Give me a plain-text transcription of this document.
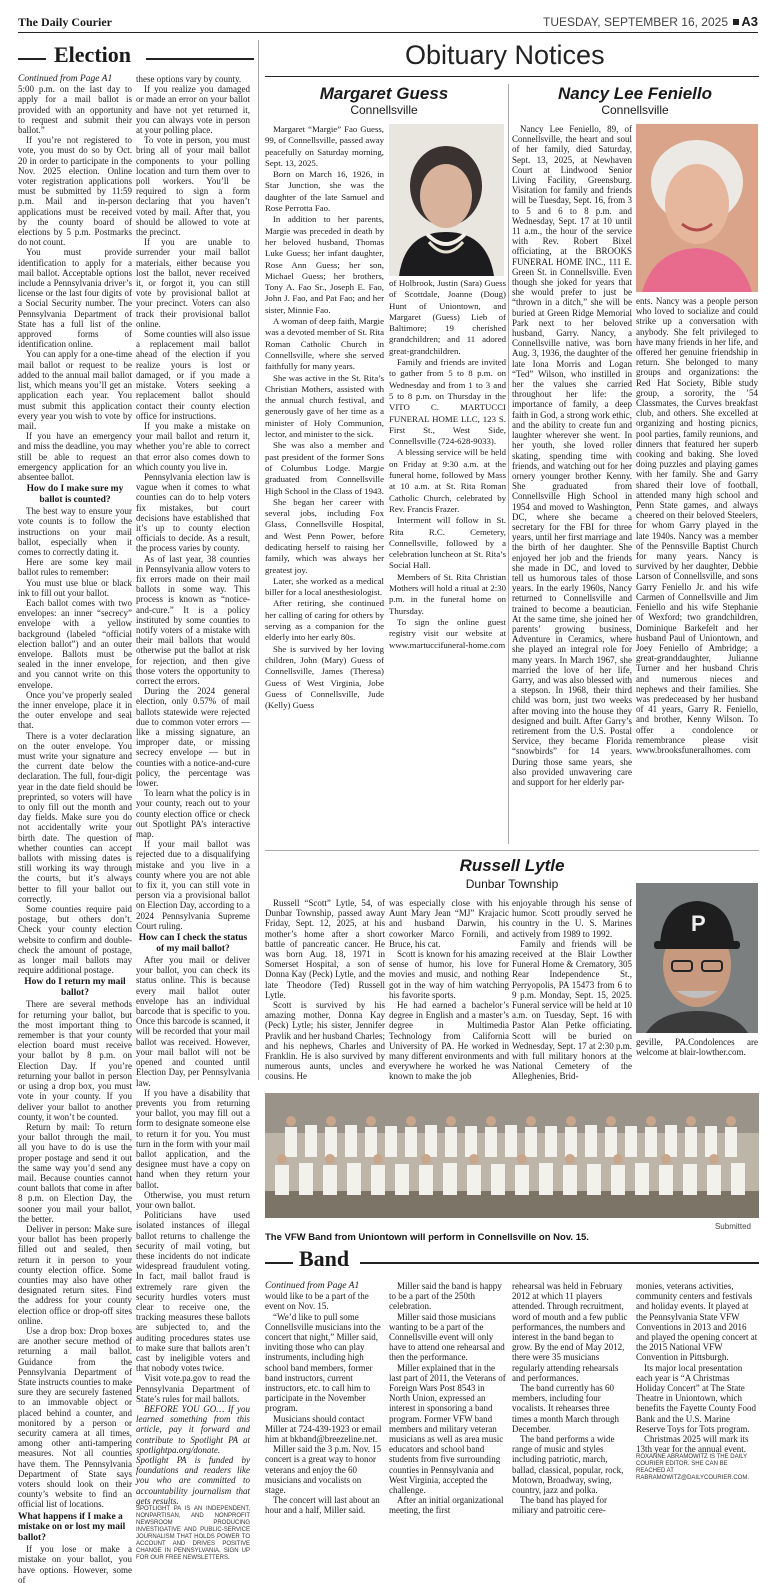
The Daily Courier	TUESDAY, SEPTEMBER 16, 2025 A3
Election

Continued from Page A1

5:00 p.m. on the last day to apply for a mail ballot is provided with an opportunity to request and submit their ballot.”

If you’re not registered to vote, you must do so by Oct. 20 in order to participate in the Nov. 2025 election. Online voter registration applications must be submitted by 11:59 p.m. Mail and in-person applications must be received by the county board of elections by 5 p.m. Postmarks do not count.

You must provide identification to apply for a mail ballot. Acceptable options include a Pennsylvania driver’s license or the last four digits of a Social Security number. The Pennsylvania Department of State has a full list of the approved forms of identification online.

You can apply for a one-time mail ballot or request to be added to the annual mail ballot list, which means you’ll get an application each year. You must submit this application every year you wish to vote by mail.

If you have an emergency and miss the deadline, you may still be able to request an emergency application for an absentee ballot.

How do I make sure my ballot is counted?

The best way to ensure your vote counts is to follow the instructions on your mail ballot, especially when it comes to correctly dating it.

Here are some key mail ballot rules to remember:

You must use blue or black ink to fill out your ballot.

Each ballot comes with two envelopes: an inner “secrecy” envelope with a yellow background (labeled “official election ballot”) and an outer envelope. Ballots must be sealed in the inner envelope, and you cannot write on this envelope.

Once you’ve properly sealed the inner envelope, place it in the outer envelope and seal that.

There is a voter declaration on the outer envelope. You must write your signature and the current date below the declaration. The full, four-digit year in the date field should be preprinted, so voters will have to only fill out the month and day fields. Make sure you do not accidentally write your birth date. The question of whether counties can accept ballots with missing dates is still working its way through the courts, but it’s always better to fill your ballot out correctly.

Some counties require paid postage, but others don’t. Check your county election website to confirm and double-check the amount of postage, as longer mail ballots may require additional postage.

How do I return my mail ballot?

There are several methods for returning your ballot, but the most important thing to remember is that your county election board must receive your ballot by 8 p.m. on Election Day. If you’re returning your ballot in person or using a drop box, you must vote in your county. If you deliver your ballot to another county, it won’t be counted.

Return by mail: To return your ballot through the mail, all you have to do is use the proper postage and send it out the same way you’d send any mail. Because counties cannot count ballots that come in after 8 p.m. on Election Day, the sooner you mail your ballot, the better.

Deliver in person: Make sure your ballot has been properly filled out and sealed, then return it in person to your county election office. Some counties may also have other designated return sites. Find the address for your county election office or drop-off sites online.

Use a drop box: Drop boxes are another secure method of returning a mail ballot. Guidance from the Pennsylvania Department of State instructs counties to make sure they are securely fastened to an immovable object or placed behind a counter, and monitored by a person or security camera at all times, among other anti-tampering measures. Not all counties have them. The Pennsylvania Department of State says voters should look on their county’s website to find an official list of locations.

What happens if I make a mistake on or lost my mail ballot?

If you lose or make a mistake on your ballot, you have options. However, some of

these options vary by county.

If you realize you damaged or made an error on your ballot and have not yet returned it, you can always vote in person at your polling place.

To vote in person, you must bring all of your mail ballot components to your polling location and turn them over to poll workers. You’ll be required to sign a form declaring that you haven’t voted by mail. After that, you should be allowed to vote at the precinct.

If you are unable to surrender your mail ballot materials, either because you lost the ballot, never received it, or forgot it, you can still vote by provisional ballot at your precinct. Voters can also track their provisional ballot online.

Some counties will also issue a replacement mail ballot ahead of the election if you realize yours is lost or damaged, or if you made a mistake. Voters seeking a replacement ballot should contact their county election office for instructions.

If you make a mistake on your mail ballot and return it, whether you’re able to correct that error also comes down to which county you live in.

Pennsylvania election law is vague when it comes to what counties can do to help voters fix mistakes, but court decisions have established that it’s up to county election officials to decide. As a result, the process varies by county.

As of last year, 38 counties in Pennsylvania allow voters to fix errors made on their mail ballots in some way. This process is known as “notice-and-cure.” It is a policy instituted by some counties to notify voters of a mistake with their mail ballots that would otherwise put the ballot at risk for rejection, and then give those voters the opportunity to correct the errors.

During the 2024 general election, only 0.57% of mail ballots statewide were rejected due to common voter errors — like a missing signature, an improper date, or missing secrecy envelope — but in counties with a notice-and-cure policy, the percentage was lower.

To learn what the policy is in your county, reach out to your county election office or check out Spotlight PA’s interactive map.

If your mail ballot was rejected due to a disqualifying mistake and you live in a county where you are not able to fix it, you can still vote in person via a provisional ballot on Election Day, according to a 2024 Pennsylvania Supreme Court ruling.

How can I check the status of my mail ballot?

After you mail or deliver your ballot, you can check its status online. This is because every mail ballot outer envelope has an individual barcode that is specific to you. Once this barcode is scanned, it will be recorded that your mail ballot was received. However, your mail ballot will not be opened and counted until Election Day, per Pennsylvania law.

If you have a disability that prevents you from returning your ballot, you may fill out a form to designate someone else to return it for you. You must turn in the form with your mail ballot application, and the designee must have a copy on hand when they return your ballot.

Otherwise, you must return your own ballot.

Politicians have used isolated instances of illegal ballot returns to challenge the security of mail voting, but these incidents do not indicate widespread fraudulent voting. In fact, mail ballot fraud is extremely rare given the security hurdles voters must clear to receive one, the tracking measures these ballots are subjected to, and the auditing procedures states use to make sure that ballots aren’t cast by ineligible voters and that nobody votes twice.

Visit vote.pa.gov to read the Pennsylvania Department of State’s rules for mail ballots.

BEFORE YOU GO… If you learned something from this article, pay it forward and contribute to Spotlight PA at spotlightpa.org/donate. Spotlight PA is funded by foundations and readers like you who are committed to accountability journalism that gets results.

SPOTLIGHT PA IS AN INDEPENDENT, NONPARTISAN, AND NONPROFIT NEWSROOM PRODUCING INVESTIGATIVE AND PUBLIC-SERVICE JOURNALISM THAT HOLDS POWER TO ACCOUNT AND DRIVES POSITIVE CHANGE IN PENNSYLVANIA. SIGN UP FOR OUR FREE NEWSLETTERS.

Obituary Notices
Margaret Guess
Connellsville

Margaret “Margie” Fao Guess, 99, of Connellsville, passed away peacefully on Saturday morning, Sept. 13, 2025.

Born on March 16, 1926, in Star Junction, she was the daughter of the late Samuel and Rose Perrotta Fao.

In addition to her parents, Margie was preceded in death by her beloved husband, Thomas Luke Guess; her infant daughter, Rose Ann Guess; her son, Michael Guess; her brothers, Tony A. Fao Sr., Joseph E. Fao, John J. Fao, and Pat Fao; and her sister, Minnie Fao.

A woman of deep faith, Margie was a devoted member of St. Rita Roman Catholic Church in Connellsville, where she served faithfully for many years.

She was active in the St. Rita’s Christian Mothers, assisted with the annual church festival, and generously gave of her time as a minister of Holy Communion, lector, and minister to the sick.

She was also a member and past president of the former Sons of Columbus Lodge. Margie graduated from Connellsville High School in the Class of 1943.

She began her career with several jobs, including Fox Glass, Connellsville Hospital, and West Penn Power, before dedicating herself to raising her family, which was always her greatest joy.

Later, she worked as a medical biller for a local anesthesiologist.

After retiring, she continued her calling of caring for others by serving as a companion for the elderly into her early 80s.

She is survived by her loving children, John (Mary) Guess of Connellsville, James (Theresa) Guess of West Virginia, Jobe Guess of Connellsville, Jude (Kelly) Guess

of Holbrook, Justin (Sara) Guess of Scottdale, Joanne (Doug) Hunt of Uniontown, and Margaret (Guess) Lieb of Baltimore; 19 cherished grandchildren; and 11 adored great-grandchildren.

Family and friends are invited to gather from 5 to 8 p.m. on Wednesday and from 1 to 3 and 5 to 8 p.m. on Thursday in the VITO C. MARTUCCI FUNERAL HOME LLC, 123 S. First St., West Side, Connellsville (724-628-9033).

A blessing service will be held on Friday at 9:30 a.m. at the funeral home, followed by Mass at 10 a.m. at St. Rita Roman Catholic Church, celebrated by Rev. Francis Frazer.

Interment will follow in St. Rita R.C. Cemetery, Connellsville, followed by a celebration luncheon at St. Rita’s Social Hall.

Members of St. Rita Christian Mothers will hold a ritual at 2:30 p.m. in the funeral home on Thursday.

To sign the online guest registry visit our website at www.martuccifuneral-home.com

Nancy Lee Feniello
Connellsville

Nancy Lee Feniello, 89, of Connellsville, the heart and soul of her family, died Saturday, Sept. 13, 2025, at Newhaven Court at Lindwood Senior Living Facility, Greensburg. Visitation for family and friends will be Tuesday, Sept. 16, from 3 to 5 and 6 to 8 p.m. and Wednesday, Sept. 17 at 10 until 11 a.m., the hour of the service with Rev. Robert Bixel officiating, at the BROOKS FUNERAL HOME INC., 111 E. Green St. in Connellsville. Even though she joked for years that she would prefer to just be “thrown in a ditch,” she will be buried at Green Ridge Memorial Park next to her beloved husband, Garry. Nancy, a Connellsville native, was born Aug. 3, 1936, the daughter of the late Iona Morris and Logan “Ted” Wilson, who instilled in her the values she carried throughout her life: the importance of family, a deep faith in God, a strong work ethic, and the ability to create fun and laughter wherever she went. In her youth, she loved roller skating, spending time with friends, and watching out for her ornery younger brother Kenny. She graduated from Connellsville High School in 1954 and moved to Washington, DC, where she became a secretary for the FBI for three years, until her first marriage and the birth of her daughter. She enjoyed her job and the friends she made in DC, and loved to tell us humorous tales of those years. In the early 1960s, Nancy returned to Connellsville and trained to become a beautician. At the same time, she joined her parents’ growing business, Adventure in Ceramics, where she played an integral role for many years. In March 1967, she married the love of her life, Garry, and was also blessed with a stepson. In 1968, their third child was born, just two weeks after moving into the house they designed and built. After Garry’s retirement from the U.S. Postal Service, they became Florida “snowbirds” for 14 years. During those same years, she also provided unwavering care and support for her elderly par-

ents. Nancy was a people person who loved to socialize and could strike up a conversation with anybody. She felt privileged to have many friends in her life, and offered her genuine friendship in return. She belonged to many groups and organizations: the Red Hat Society, Bible study group, a sorority, the ’54 Classmates, the Curves breakfast club, and others. She excelled at organizing and hosting picnics, pool parties, family reunions, and dinners that featured her superb cooking and baking. She loved doing puzzles and playing games with her family. She and Garry shared their love of football, attended many high school and Penn State games, and always cheered on their beloved Steelers, for whom Garry played in the late 1940s. Nancy was a member of the Pennsville Baptist Church for many years. Nancy is survived by her daughter, Debbie Larson of Connellsville, and sons Garry Feniello Jr. and his wife Carmen of Connellsville and Jim Feniello and his wife Stephanie of Wexford; two grandchildren, Dominique Barkefelt and her husband Paul of Uniontown, and Joey Feniello of Ambridge; a great-granddaughter, Julianne Turner and her husband Chris and numerous nieces and nephews and their families. She was predeceased by her husband of 41 years, Garry R. Feniello, and brother, Kenny Wilson. To offer a condolence or remembrance please visit www.brooksfuneralhomes. com

Russell Lytle
Dunbar Township

Russell “Scott” Lytle, 54, of Dunbar Township, passed away Friday, Sept. 12, 2025, at his mother’s home after a short battle of pancreatic cancer. He was born Aug. 18, 1971 in Somerset Hospital, a son of Donna Kay (Peck) Lytle, and the late Theodore (Ted) Russell Lytle.

Scott is survived by his amazing mother, Donna Kay (Peck) Lytle; his sister, Jennifer Pravlik and her husband Charles; and his nephews, Charles and Franklin. He is also survived by numerous aunts, uncles and cousins. He

was especially close with his Aunt Mary Jean “MJ” Krajacic and husband Darwin, his coworker Marco Fornili, and Bruce, his cat.

Scott is known for his amazing sense of humor, his love for movies and music, and nothing got in the way of him watching his favorite sports.

He had earned a bachelor’s degree in English and a master’s degree in Multimedia Technology from California University of PA. He worked in many different environments and everywhere he worked he was known to make the job

enjoyable through his sense of humor. Scott proudly served he country in the U. S. Marines actively from 1989 to 1992.

Family and friends will be received at the Blair Lowther Funeral Home & Crematory, 305 Rear Independence St., Perryopolis, PA 15473 from 6 to 9 p.m. Monday, Sept. 15, 2025. Funeral service will be held at 10 a.m. on Tuesday, Sept. 16 with Pastor Alan Petke officiating. Scott will be buried on Wednesday, Sept. 17 at 2:30 p.m. with full military honors at the National Cemetery of the Alleghenies, Brid-

P

geville, PA.Condolences are welcome at blair-lowther.com.

Submitted
The VFW Band from Uniontown will perform in Connellsville on Nov. 15.
Band

Continued from Page A1

would like to be a part of the event on Nov. 15.

“We’d like to pull some Connellsville musicians into the concert that night,” Miller said, inviting those who can play instruments, including high school band members, former band instructors, current instructors, etc. to call him to participate in the November program.

Musicians should contact Miller at 724-439-1923 or email him at bkband@breezeline.net.

Miller said the 3 p.m. Nov. 15 concert is a great way to honor veterans and enjoy the 60 musicians and vocalists on stage.

The concert will last about an hour and a half, Miller said.

Miller said the band is happy to be a part of the 250th celebration.

Miller said those musicians wanting to be a part of the Connellsville event will only have to attend one rehearsal and then the performance.

Miller explained that in the last part of 2011, the Veterans of Foreign Wars Post 8543 in North Union, expressed an interest in sponsoring a band program. Former VFW band members and military veteran musicians as well as area music educators and school band students from five surrounding counties in Pennsylvania and West Virginia, accepted the challenge.

After an initial organizational meeting, the first

rehearsal was held in February 2012 at which 11 players attended. Through recruitment, word of mouth and a few public performances, the numbers and interest in the band began to grow. By the end of May 2012, there were 35 musicians regularly attending rehearsals and performances.

The band currently has 60 members, including four vocalists. It rehearses three times a month March through December.

The band performs a wide range of music and styles including patriotic, march, ballad, classical, popular, rock, Motown, Broadway, swing, country, jazz and polka.

The band has played for miliary and patroitic cere-

monies, veterans activities, community centers and festivals and holiday events. It played at the Pennsylvania State VFW Conventions in 2013 and 2016 and played the opening concert at the 2015 National VFW Convention in Pittsburgh.

Its major local presentation each year is “A Christmas Holiday Concert” at The State Theatre in Uniontown, which benefits the Fayette County Food Bank and the U.S. Marine Reserve Toys for Tots program.

Christmas 2025 will mark its 13th year for the annual event.

ROXANNE ABRAMOWITZ IS THE DAILY COURIER EDITOR. SHE CAN BE REACHED AT RABRAMOWITZ@DAILYCOURIER.COM.
